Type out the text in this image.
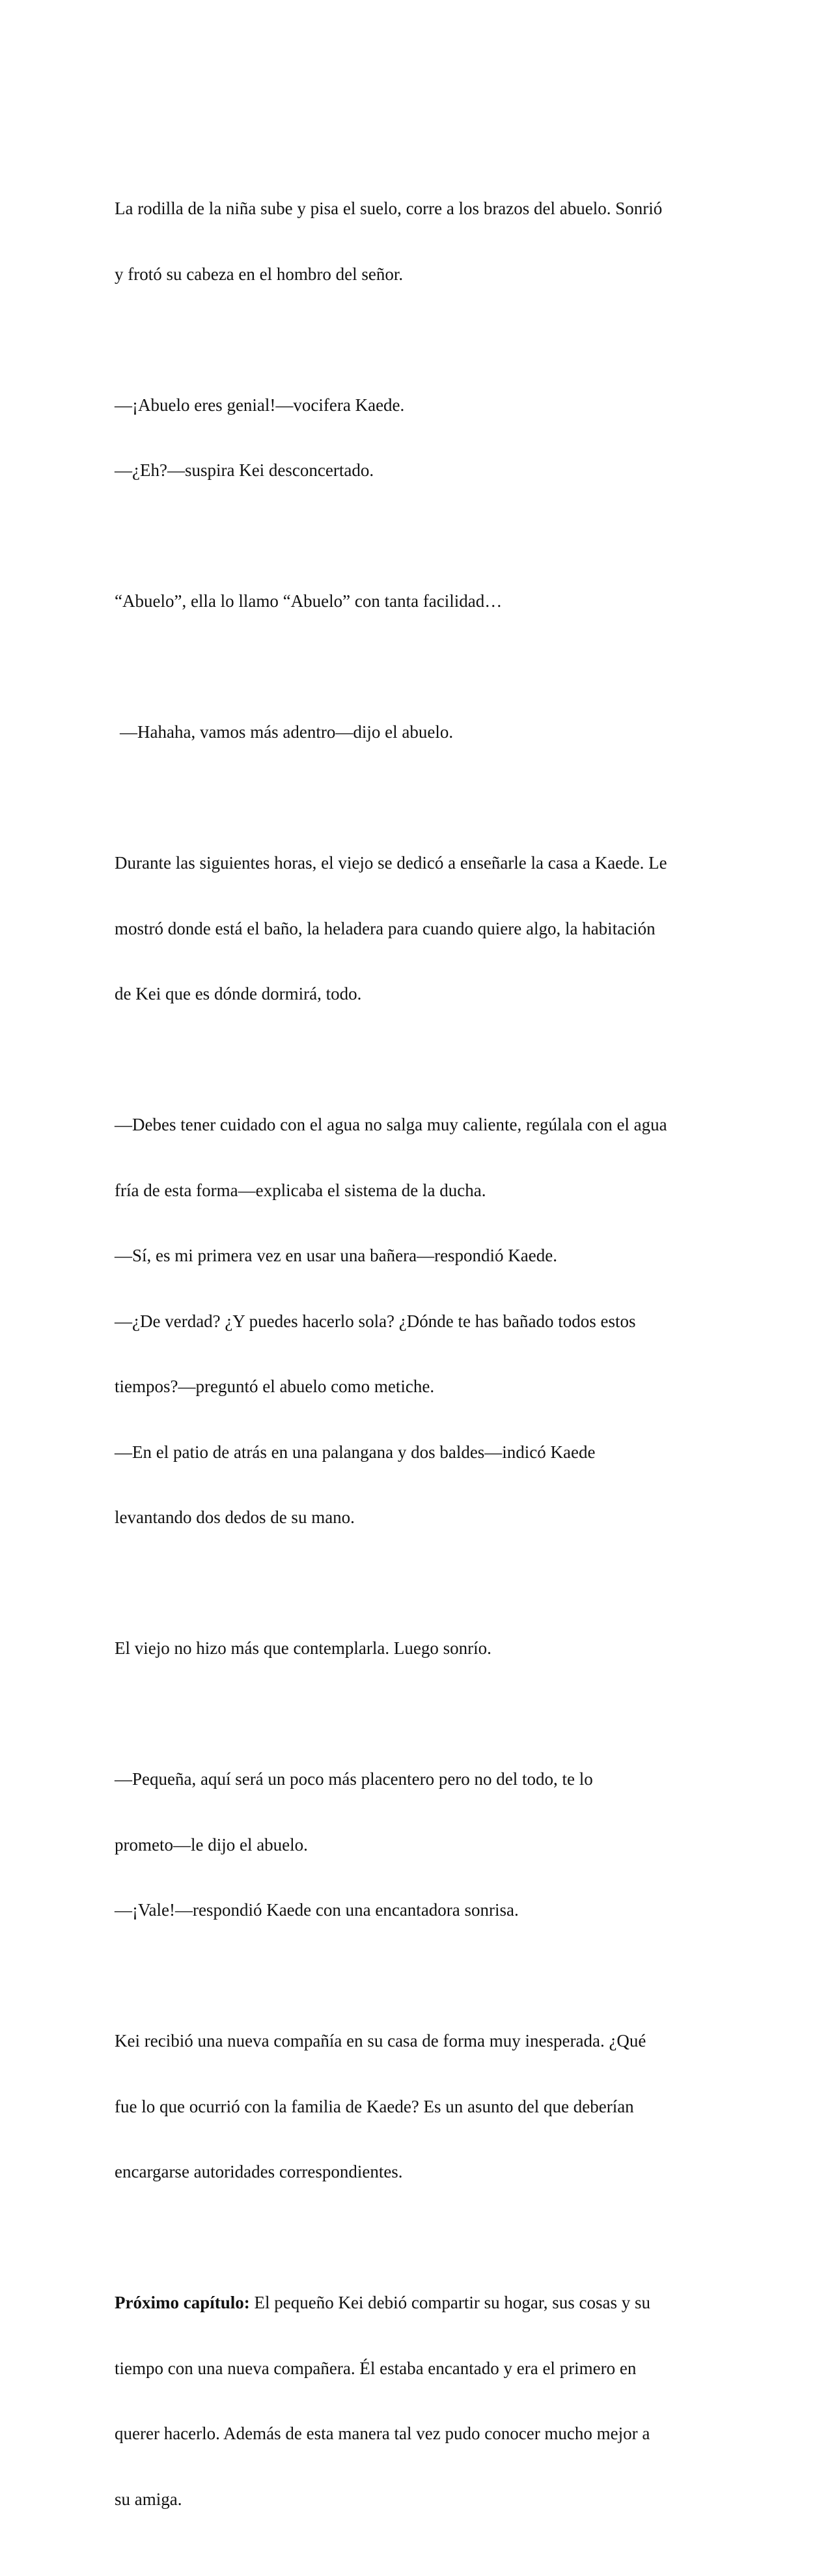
La rodilla de la niña sube y pisa el suelo, corre a los brazos del abuelo. Sonrió

y frotó su cabeza en el hombro del señor.

—¡Abuelo eres genial!—vocifera Kaede.

—¿Eh?—suspira Kei desconcertado.

“Abuelo”, ella lo llamo “Abuelo” con tanta facilidad…

—Hahaha, vamos más adentro—dijo el abuelo.

Durante las siguientes horas, el viejo se dedicó a enseñarle la casa a Kaede. Le

mostró donde está el baño, la heladera para cuando quiere algo, la habitación

de Kei que es dónde dormirá, todo.

—Debes tener cuidado con el agua no salga muy caliente, regúlala con el agua

fría de esta forma—explicaba el sistema de la ducha.

—Sí, es mi primera vez en usar una bañera—respondió Kaede.

—¿De verdad? ¿Y puedes hacerlo sola? ¿Dónde te has bañado todos estos

tiempos?—preguntó el abuelo como metiche.

—En el patio de atrás en una palangana y dos baldes—indicó Kaede

levantando dos dedos de su mano.

El viejo no hizo más que contemplarla. Luego sonrío.

—Pequeña, aquí será un poco más placentero pero no del todo, te lo

prometo—le dijo el abuelo.

—¡Vale!—respondió Kaede con una encantadora sonrisa.

Kei recibió una nueva compañía en su casa de forma muy inesperada. ¿Qué

fue lo que ocurrió con la familia de Kaede? Es un asunto del que deberían

encargarse autoridades correspondientes.

Próximo capítulo: El pequeño Kei debió compartir su hogar, sus cosas y su

tiempo con una nueva compañera. Él estaba encantado y era el primero en

querer hacerlo. Además de esta manera tal vez pudo conocer mucho mejor a

su amiga.
